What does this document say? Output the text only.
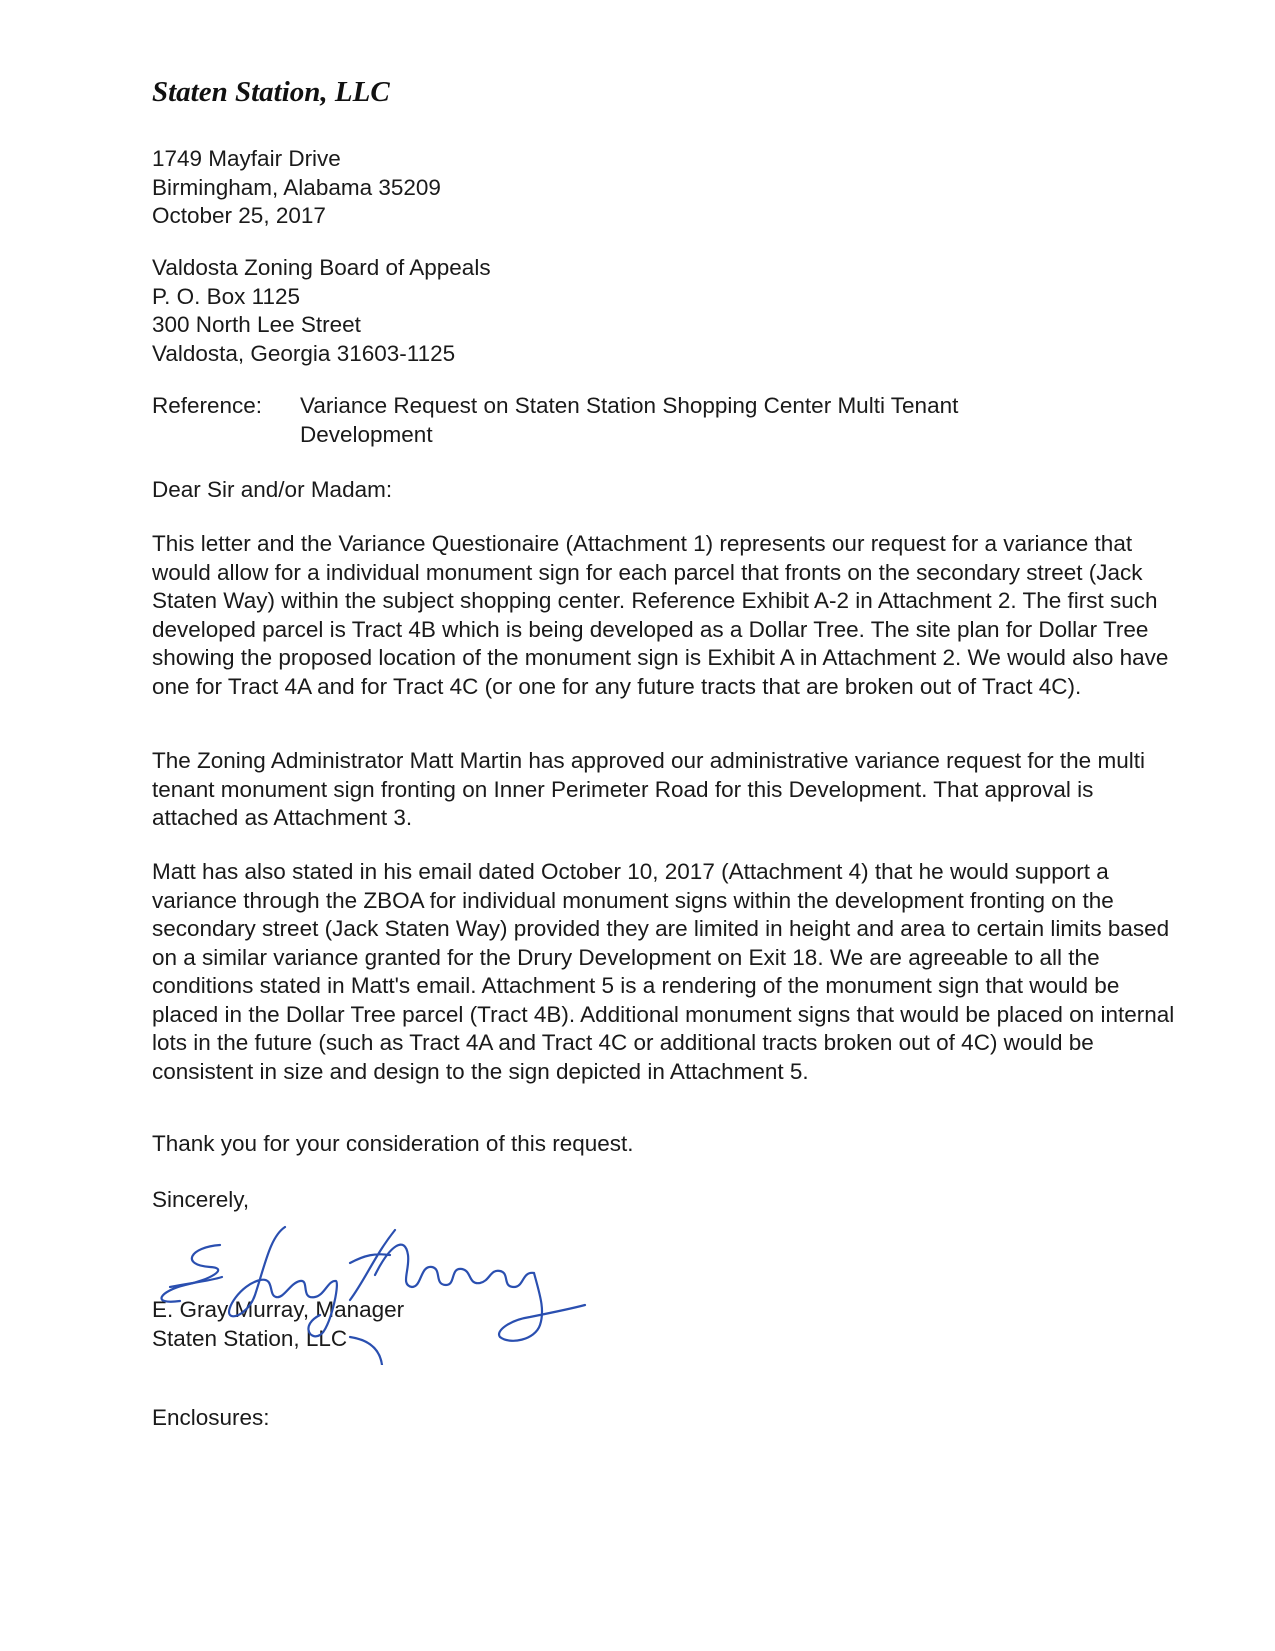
Staten Station, LLC
1749 Mayfair Drive
Birmingham, Alabama 35209
October 25, 2017
Valdosta Zoning Board of Appeals
P. O. Box 1125
300 North Lee Street
Valdosta, Georgia 31603-1125
Reference: Variance Request on Staten Station Shopping Center Multi Tenant Development
Dear Sir and/or Madam:

This letter and the Variance Questionaire (Attachment 1) represents our request for a variance that would allow for a individual monument sign for each parcel that fronts on the secondary street (Jack Staten Way) within the subject shopping center. Reference Exhibit A-2 in Attachment 2. The first such developed parcel is Tract 4B which is being developed as a Dollar Tree. The site plan for Dollar Tree showing the proposed location of the monument sign is Exhibit A in Attachment 2. We would also have one for Tract 4A and for Tract 4C (or one for any future tracts that are broken out of Tract 4C).

The Zoning Administrator Matt Martin has approved our administrative variance request for the multi tenant monument sign fronting on Inner Perimeter Road for this Development. That approval is attached as Attachment 3.

Matt has also stated in his email dated October 10, 2017 (Attachment 4) that he would support a variance through the ZBOA for individual monument signs within the development fronting on the secondary street (Jack Staten Way) provided they are limited in height and area to certain limits based on a similar variance granted for the Drury Development on Exit 18. We are agreeable to all the conditions stated in Matt's email. Attachment 5 is a rendering of the monument sign that would be placed in the Dollar Tree parcel (Tract 4B). Additional monument signs that would be placed on internal lots in the future (such as Tract 4A and Tract 4C or additional tracts broken out of 4C) would be consistent in size and design to the sign depicted in Attachment 5.

Thank you for your consideration of this request.

Sincerely,
E. Gray Murray, Manager
Staten Station, LLC
Enclosures:
